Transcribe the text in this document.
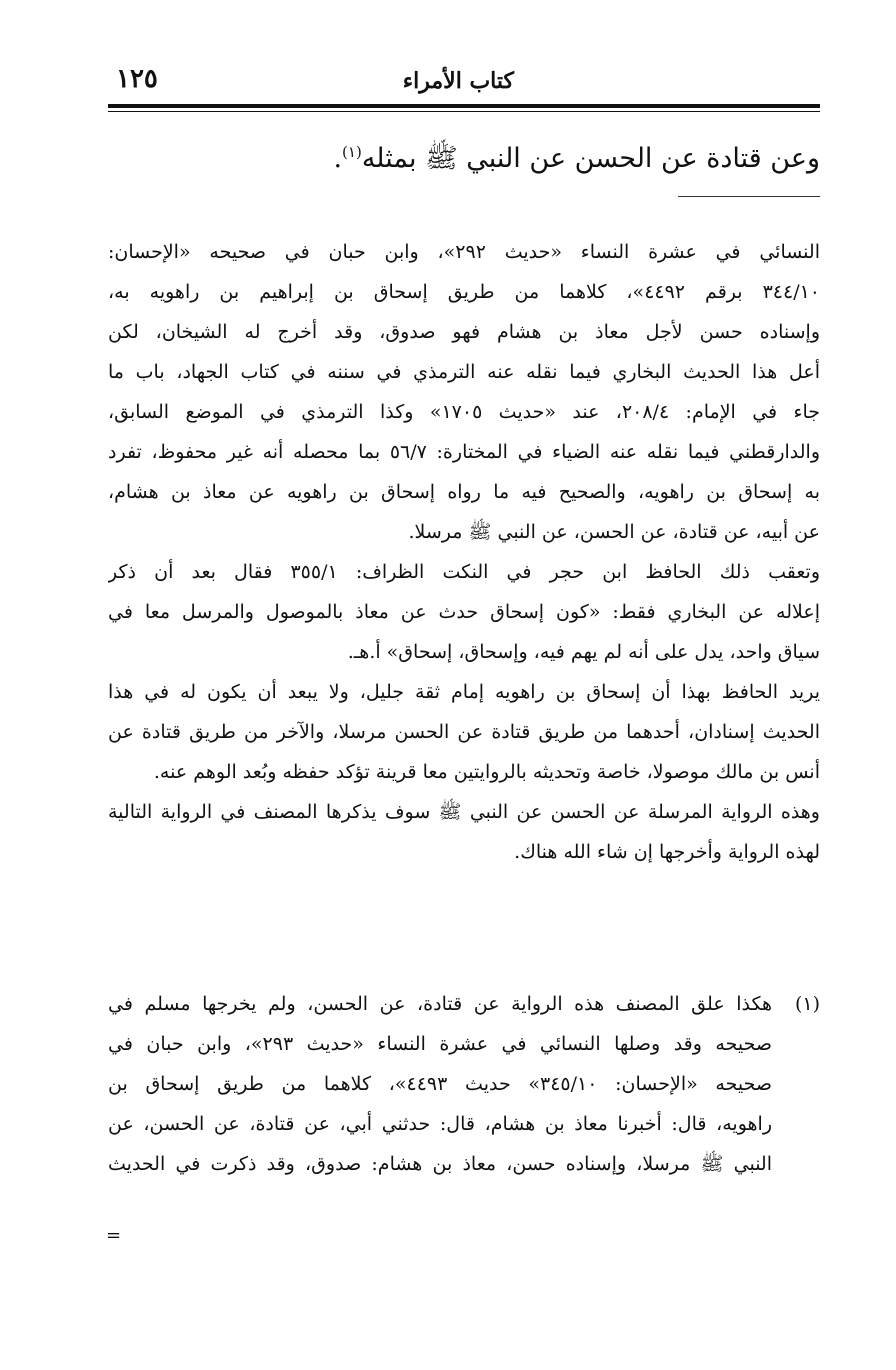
كتاب الأمراء
١٢٥
وعن قتادة عن الحسن عن النبي ﷺ بمثله$^{(١)}$.
النسائي في عشرة النساء «حديث ٢٩٢»، وابن حبان في صحيحه «الإحسان:
٣٤٤/١٠ برقم ٤٤٩٢»، كلاهما من طريق إسحاق بن إبراهيم بن راهويه به،
وإسناده حسن لأجل معاذ بن هشام فهو صدوق، وقد أخرج له الشيخان، لكن
أعل هذا الحديث البخاري فيما نقله عنه الترمذي في سننه في كتاب الجهاد، باب ما
جاء في الإمام: ٢٠٨/٤، عند «حديث ١٧٠٥» وكذا الترمذي في الموضع السابق،
والدارقطني فيما نقله عنه الضياء في المختارة: ٥٦/٧ بما محصله أنه غير محفوظ، تفرد
به إسحاق بن راهويه، والصحيح فيه ما رواه إسحاق بن راهويه عن معاذ بن هشام،
عن أبيه، عن قتادة، عن الحسن، عن النبي ﷺ مرسلا.
وتعقب ذلك الحافظ ابن حجر في النكت الظراف: ٣٥٥/١ فقال بعد أن ذكر
إعلاله عن البخاري فقط: «كون إسحاق حدث عن معاذ بالموصول والمرسل معا في
سياق واحد، يدل على أنه لم يهم فيه، وإسحاق، إسحاق» أ.هـ.
يريد الحافظ بهذا أن إسحاق بن راهويه إمام ثقة جليل، ولا يبعد أن يكون له في هذا
الحديث إسنادان، أحدهما من طريق قتادة عن الحسن مرسلا، والآخر من طريق قتادة عن
أنس بن مالك موصولا، خاصة وتحديثه بالروايتين معا قرينة تؤكد حفظه وبُعد الوهم عنه.
وهذه الرواية المرسلة عن الحسن عن النبي ﷺ سوف يذكرها المصنف في الرواية التالية
لهذه الرواية وأخرجها إن شاء الله هناك.
(١)
هكذا علق المصنف هذه الرواية عن قتادة، عن الحسن، ولم يخرجها مسلم في
صحيحه وقد وصلها النسائي في عشرة النساء «حديث ٢٩٣»، وابن حبان في
صحيحه «الإحسان: ٣٤٥/١٠» حديث ٤٤٩٣»، كلاهما من طريق إسحاق بن
راهويه، قال: أخبرنا معاذ بن هشام، قال: حدثني أبي، عن قتادة، عن الحسن، عن
النبي ﷺ مرسلا، وإسناده حسن، معاذ بن هشام: صدوق، وقد ذكرت في الحديث
=
